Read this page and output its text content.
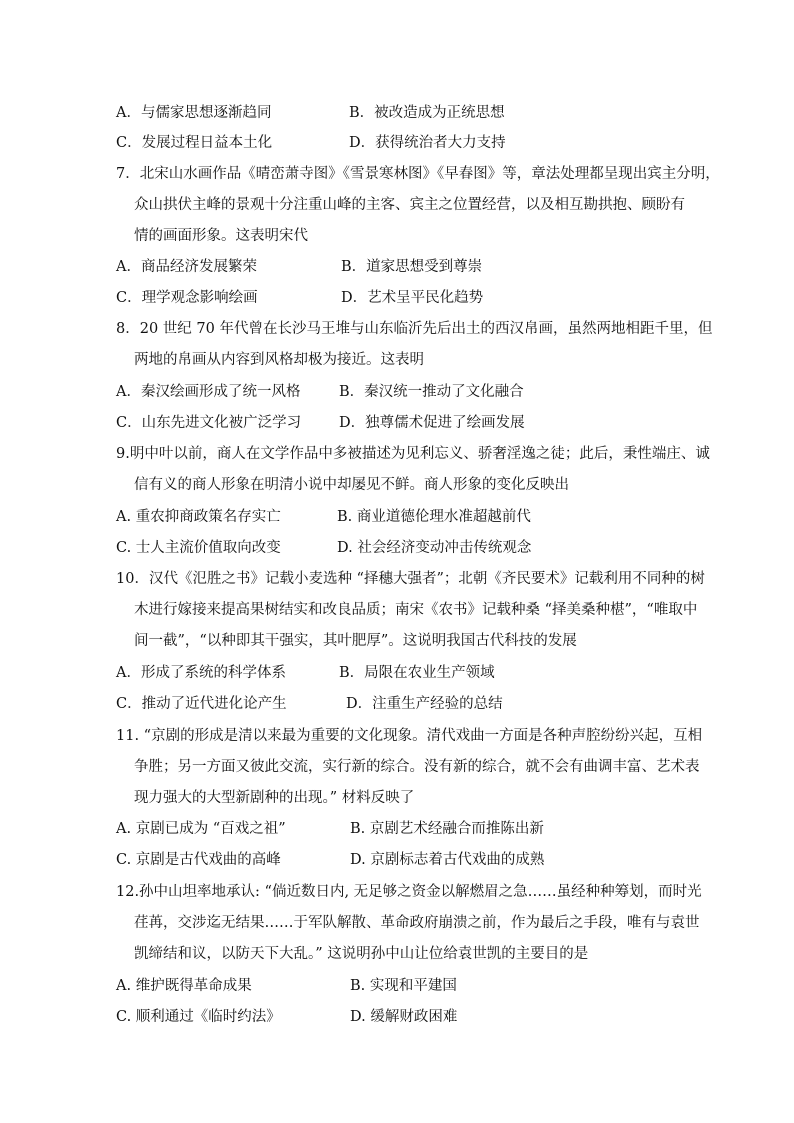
A．与儒家思想逐渐趋同	B．被改造成为正统思想
C．发展过程日益本土化	D．获得统治者大力支持
7．北宋山水画作品《晴峦萧寺图》《雪景寒林图》《早春图》等，章法处理都呈现出宾主分明，
众山拱伏主峰的景观十分注重山峰的主客、宾主之位置经营，以及相互勘拱抱、顾盼有
情的画面形象。这表明宋代
A．商品经济发展繁荣	B．道家思想受到尊崇
C．理学观念影响绘画	D．艺术呈平民化趋势
8．20 世纪 70 年代曾在长沙马王堆与山东临沂先后出土的西汉帛画，虽然两地相距千里，但
两地的帛画从内容到风格却极为接近。这表明
A．秦汉绘画形成了统一风格	B．秦汉统一推动了文化融合
C．山东先进文化被广泛学习	D．独尊儒术促进了绘画发展
9.明中叶以前，商人在文学作品中多被描述为见利忘义、骄奢淫逸之徒；此后，秉性端庄、诚
信有义的商人形象在明清小说中却屡见不鲜。商人形象的变化反映出
A. 重农抑商政策名存实亡	B. 商业道德伦理水准超越前代
C. 士人主流价值取向改变	D. 社会经济变动冲击传统观念
10．汉代《氾胜之书》记载小麦选种 “择穗大强者”；北朝《齐民要术》记载利用不同种的树
木进行嫁接来提高果树结实和改良品质；南宋《农书》记载种桑 “择美桑种椹”，“唯取中
间一截”，“以种即其干强实，其叶肥厚”。这说明我国古代科技的发展
A．形成了系统的科学体系	B．局限在农业生产领域
C．推动了近代进化论产生	D．注重生产经验的总结
11. “京剧的形成是清以来最为重要的文化现象。清代戏曲一方面是各种声腔纷纷兴起，互相
争胜；另一方面又彼此交流，实行新的综合。没有新的综合，就不会有曲调丰富、艺术表
现力强大的大型新剧种的出现。” 材料反映了
A. 京剧已成为 “百戏之祖”	B. 京剧艺术经融合而推陈出新
C. 京剧是古代戏曲的高峰	D. 京剧标志着古代戏曲的成熟
12.孙中山坦率地承认: “倘近数日内, 无足够之资金以解燃眉之急……虽经种种筹划，而时光
荏苒，交涉迄无结果……于军队解散、革命政府崩溃之前，作为最后之手段，唯有与袁世
凯缔结和议，以防天下大乱。” 这说明孙中山让位给袁世凯的主要目的是
A. 维护既得革命成果	B. 实现和平建国
C. 顺利通过《临时约法》	D. 缓解财政困难
